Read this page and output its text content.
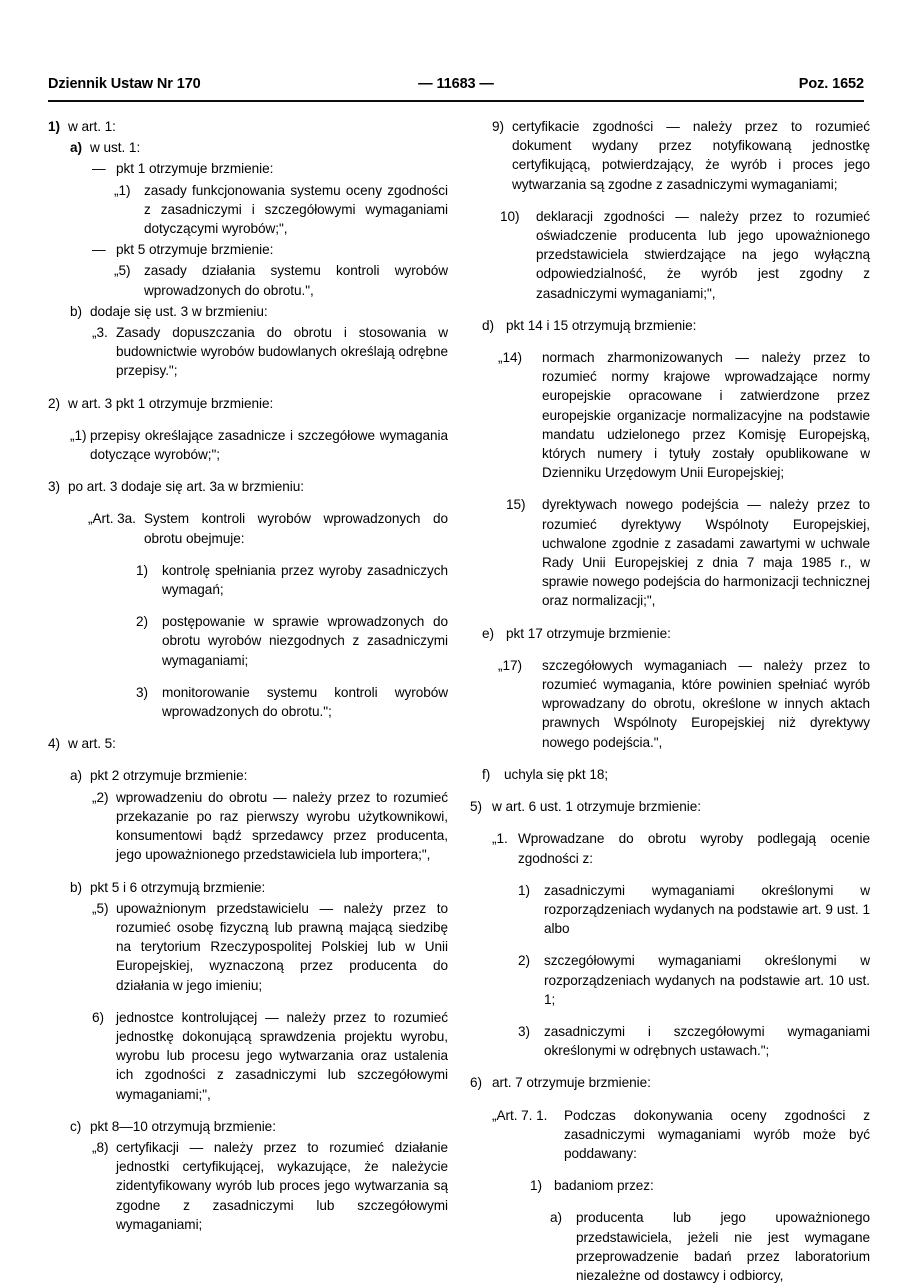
Dziennik Ustaw Nr 170	— 11683 —	Poz. 1652
1) w art. 1:
a) w ust. 1:
— pkt 1 otrzymuje brzmienie:
„1) zasady funkcjonowania systemu oceny zgodności z zasadniczymi i szczegółowymi wymaganiami dotyczącymi wyrobów;",
— pkt 5 otrzymuje brzmienie:
„5) zasady działania systemu kontroli wyrobów wprowadzonych do obrotu.",
b) dodaje się ust. 3 w brzmieniu:
„3. Zasady dopuszczania do obrotu i stosowania w budownictwie wyrobów budowlanych określają odrębne przepisy.";
2) w art. 3 pkt 1 otrzymuje brzmienie:
„1) przepisy określające zasadnicze i szczegółowe wymagania dotyczące wyrobów;";
3) po art. 3 dodaje się art. 3a w brzmieniu:
„Art. 3a. System kontroli wyrobów wprowadzonych do obrotu obejmuje:
1) kontrolę spełniania przez wyroby zasadniczych wymagań;
2) postępowanie w sprawie wprowadzonych do obrotu wyrobów niezgodnych z zasadniczymi wymaganiami;
3) monitorowanie systemu kontroli wyrobów wprowadzonych do obrotu.";
4) w art. 5:
a) pkt 2 otrzymuje brzmienie:
„2) wprowadzeniu do obrotu — należy przez to rozumieć przekazanie po raz pierwszy wyrobu użytkownikowi, konsumentowi bądź sprzedawcy przez producenta, jego upoważnionego przedstawiciela lub importera;",
b) pkt 5 i 6 otrzymują brzmienie:
„5) upoważnionym przedstawicielu — należy przez to rozumieć osobę fizyczną lub prawną mającą siedzibę na terytorium Rzeczypospolitej Polskiej lub w Unii Europejskiej, wyznaczoną przez producenta do działania w jego imieniu;
6) jednostce kontrolującej — należy przez to rozumieć jednostkę dokonującą sprawdzenia projektu wyrobu, wyrobu lub procesu jego wytwarzania oraz ustalenia ich zgodności z zasadniczymi lub szczegółowymi wymaganiami;",
c) pkt 8—10 otrzymują brzmienie:
„8) certyfikacji — należy przez to rozumieć działanie jednostki certyfikującej, wykazujące, że należycie zidentyfikowany wyrób lub proces jego wytwarzania są zgodne z zasadniczymi lub szczegółowymi wymaganiami;
9) certyfikacie zgodności — należy przez to rozumieć dokument wydany przez notyfikowaną jednostkę certyfikującą, potwierdzający, że wyrób i proces jego wytwarzania są zgodne z zasadniczymi wymaganiami;
10) deklaracji zgodności — należy przez to rozumieć oświadczenie producenta lub jego upoważnionego przedstawiciela stwierdzające na jego wyłączną odpowiedzialność, że wyrób jest zgodny z zasadniczymi wymaganiami;",
d) pkt 14 i 15 otrzymują brzmienie:
„14) normach zharmonizowanych — należy przez to rozumieć normy krajowe wprowadzające normy europejskie opracowane i zatwierdzone przez europejskie organizacje normalizacyjne na podstawie mandatu udzielonego przez Komisję Europejską, których numery i tytuły zostały opublikowane w Dzienniku Urzędowym Unii Europejskiej;
15) dyrektywach nowego podejścia — należy przez to rozumieć dyrektywy Wspólnoty Europejskiej, uchwalone zgodnie z zasadami zawartymi w uchwale Rady Unii Europejskiej z dnia 7 maja 1985 r., w sprawie nowego podejścia do harmonizacji technicznej oraz normalizacji;",
e) pkt 17 otrzymuje brzmienie:
„17) szczegółowych wymaganiach — należy przez to rozumieć wymagania, które powinien spełniać wyrób wprowadzany do obrotu, określone w innych aktach prawnych Wspólnoty Europejskiej niż dyrektywy nowego podejścia.",
f) uchyla się pkt 18;
5) w art. 6 ust. 1 otrzymuje brzmienie:
„1. Wprowadzane do obrotu wyroby podlegają ocenie zgodności z:
1) zasadniczymi wymaganiami określonymi w rozporządzeniach wydanych na podstawie art. 9 ust. 1 albo
2) szczegółowymi wymaganiami określonymi w rozporządzeniach wydanych na podstawie art. 10 ust. 1;
3) zasadniczymi i szczegółowymi wymaganiami określonymi w odrębnych ustawach.";
6) art. 7 otrzymuje brzmienie:
„Art. 7. 1. Podczas dokonywania oceny zgodności z zasadniczymi wymaganiami wyrób może być poddawany:
1) badaniom przez:
a) producenta lub jego upoważnionego przedstawiciela, jeżeli nie jest wymagane przeprowadzenie badań przez laboratorium niezależne od dostawcy i odbiorcy,
